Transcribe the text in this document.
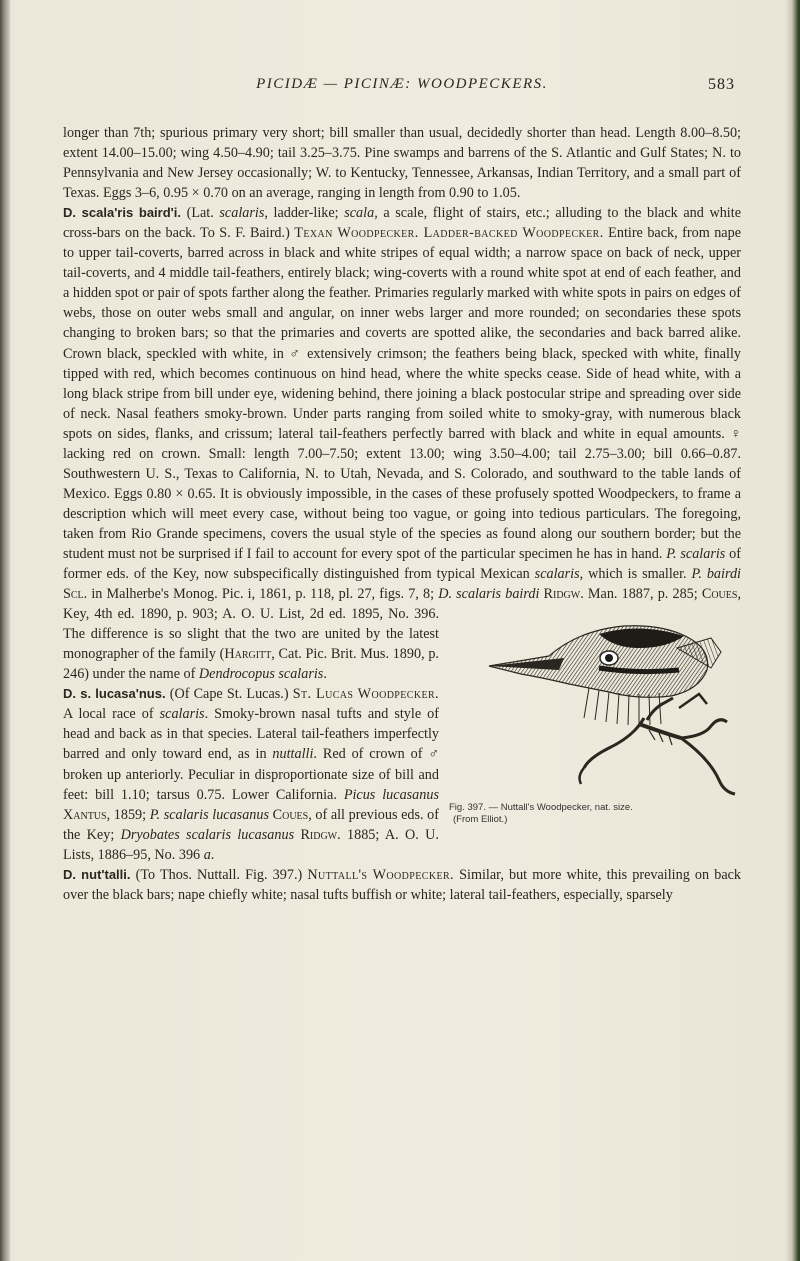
PICIDÆ — PICINÆ: WOODPECKERS.	583

longer than 7th; spurious primary very short; bill smaller than usual, decidedly shorter than head. Length 8.00–8.50; extent 14.00–15.00; wing 4.50–4.90; tail 3.25–3.75. Pine swamps and barrens of the S. Atlantic and Gulf States; N. to Pennsylvania and New Jersey occasionally; W. to Kentucky, Tennessee, Arkansas, Indian Territory, and a small part of Texas. Eggs 3–6, 0.95 × 0.70 on an average, ranging in length from 0.90 to 1.05.

D. scala'ris baird'i. (Lat. scalaris, ladder-like; scala, a scale, flight of stairs, etc.; alluding to the black and white cross-bars on the back. To S. F. Baird.) Texan Woodpecker. Ladder-backed Woodpecker. Entire back, from nape to upper tail-coverts, barred across in black and white stripes of equal width; a narrow space on back of neck, upper tail-coverts, and 4 middle tail-feathers, entirely black; wing-coverts with a round white spot at end of each feather, and a hidden spot or pair of spots farther along the feather. Primaries regularly marked with white spots in pairs on edges of webs, those on outer webs small and angular, on inner webs larger and more rounded; on secondaries these spots changing to broken bars; so that the primaries and coverts are spotted alike, the secondaries and back barred alike. Crown black, speckled with white, in ♂ extensively crimson; the feathers being black, specked with white, finally tipped with red, which becomes continuous on hind head, where the white specks cease. Side of head white, with a long black stripe from bill under eye, widening behind, there joining a black postocular stripe and spreading over side of neck. Nasal feathers smoky-brown. Under parts ranging from soiled white to smoky-gray, with numerous black spots on sides, flanks, and crissum; lateral tail-feathers perfectly barred with black and white in equal amounts. ♀ lacking red on crown. Small: length 7.00–7.50; extent 13.00; wing 3.50–4.00; tail 2.75–3.00; bill 0.66–0.87. Southwestern U. S., Texas to California, N. to Utah, Nevada, and S. Colorado, and southward to the table lands of Mexico. Eggs 0.80 × 0.65. It is obviously impossible, in the cases of these profusely spotted Woodpeckers, to frame a description which will meet every case, without being too vague, or going into tedious particulars. The foregoing, taken from Rio Grande specimens, covers the usual style of the species as found along our southern border; but the student must not be surprised if I fail to account for every spot of the particular specimen he has in hand. P. scalaris of former eds. of the Key, now subspecifically distinguished from typical Mexican scalaris, which is smaller. P. bairdi Scl. in Malherbe's Monog. Pic. i, 1861, p. 118, pl. 27, figs. 7, 8; D. scalaris bairdi Ridgw. Man. 1887, p. 285; Coues,
Fig. 397. — Nuttall's Woodpecker, nat. size.
(From Elliot.)
Key, 4th ed. 1890, p. 903; A. O. U. List, 2d ed. 1895, No. 396. The difference is so slight that the two are united by the latest monographer of the family (Hargitt, Cat. Pic. Brit. Mus. 1890, p. 246) under the name of Dendrocopus scalaris.

D. s. lucasa'nus. (Of Cape St. Lucas.) St. Lucas Woodpecker. A local race of scalaris. Smoky-brown nasal tufts and style of head and back as in that species. Lateral tail-feathers imperfectly barred and only toward end, as in nuttalli. Red of crown of ♂ broken up anteriorly. Peculiar in disproportionate size of bill and feet: bill 1.10; tarsus 0.75. Lower California. Picus lucasanus Xantus, 1859; P. scalaris lucasanus Coues, of all previous eds. of the Key; Dryobates scalaris lucasanus Ridgw. 1885; A. O. U. Lists, 1886–95, No. 396 a.

D. nut'talli. (To Thos. Nuttall. Fig. 397.) Nuttall's Woodpecker. Similar, but more white, this prevailing on back over the black bars; nape chiefly white; nasal tufts buffish or white; lateral tail-feathers, especially, sparsely
